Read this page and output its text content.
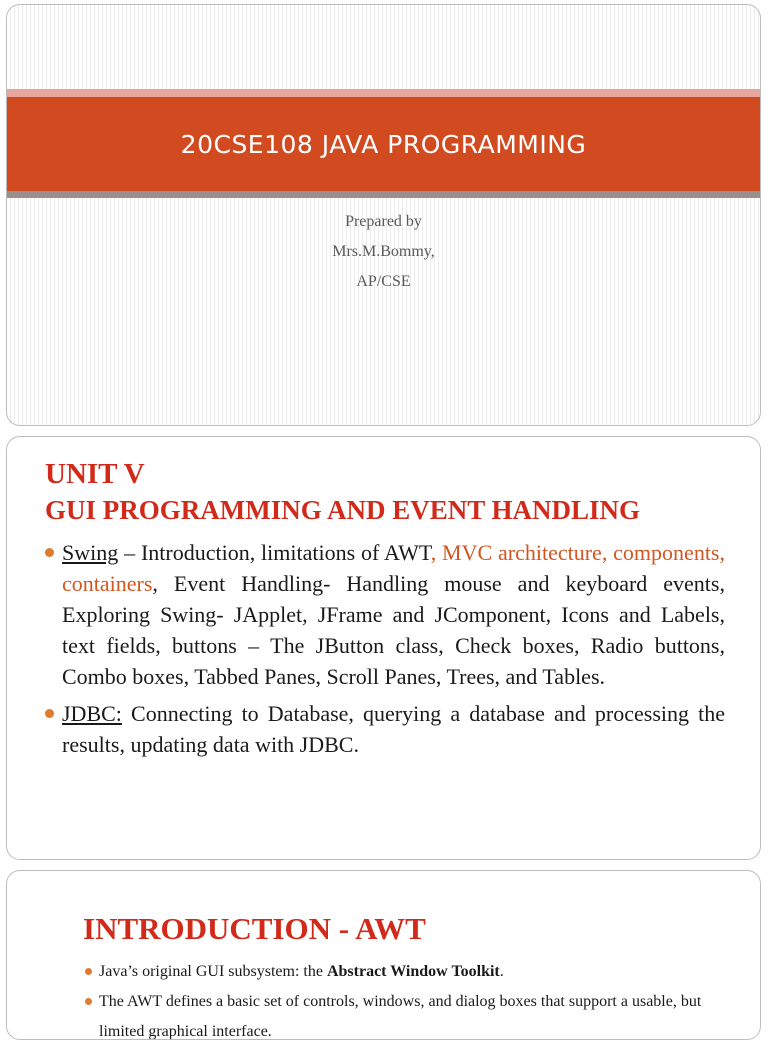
20CSE108 JAVA PROGRAMMING
Prepared by
Mrs.M.Bommy,
AP/CSE
UNIT V
GUI PROGRAMMING AND EVENT HANDLING
Swing – Introduction, limitations of AWT, MVC architecture, components, containers, Event Handling- Handling mouse and keyboard events, Exploring Swing- JApplet, JFrame and JComponent, Icons and Labels, text fields, buttons – The JButton class, Check boxes, Radio buttons, Combo boxes, Tabbed Panes, Scroll Panes, Trees, and Tables.
JDBC: Connecting to Database, querying a database and processing the results, updating data with JDBC.
INTRODUCTION - AWT
Java’s original GUI subsystem: the Abstract Window Toolkit.
The AWT defines a basic set of controls, windows, and dialog boxes that support a usable, but limited graphical interface.
